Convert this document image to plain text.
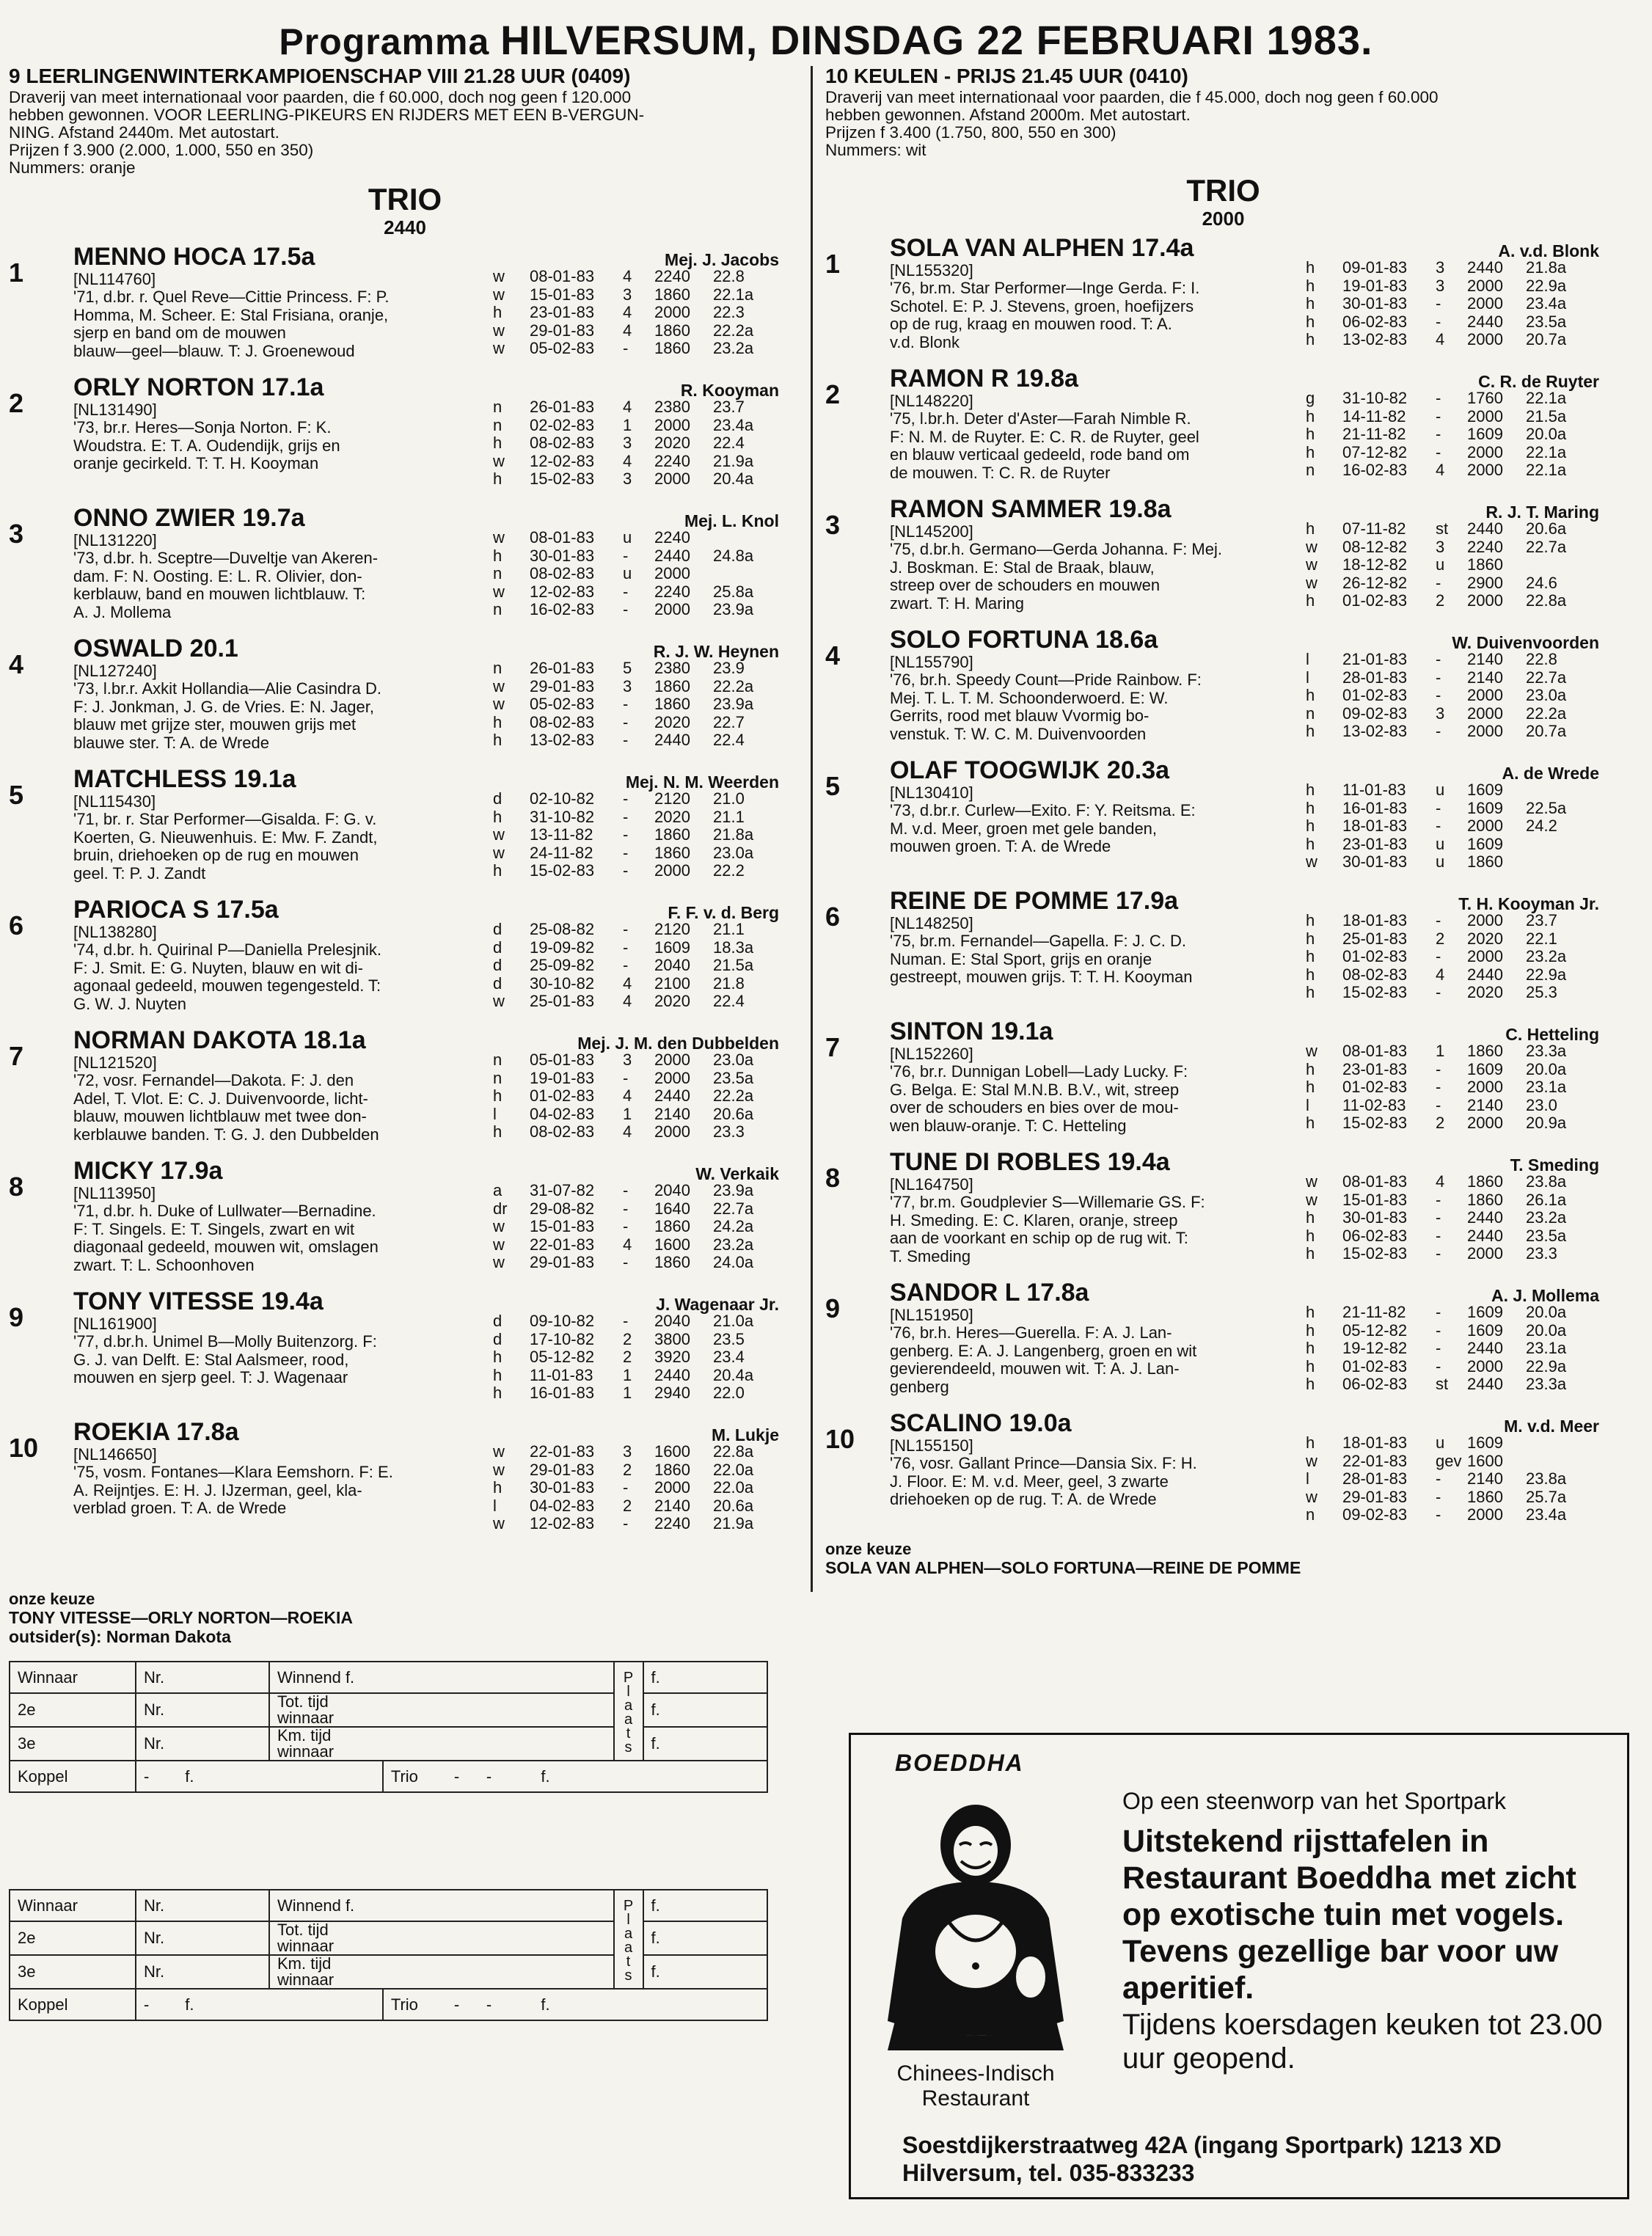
Programma HILVERSUM, DINSDAG 22 FEBRUARI 1983.
9 LEERLINGENWINTERKAMPIOENSCHAP VIII 21.28 UUR (0409)
Draverij van meet internationaal voor paarden, die f 60.000, doch nog geen f 120.000
hebben gewonnen. VOOR LEERLING-PIKEURS EN RIJDERS MET EEN B-VERGUN-
NING. Afstand 2440m. Met autostart.
Prijzen f 3.900 (2.000, 1.000, 550 en 350)
Nummers: oranje
TRIO
2440
1
MENNO HOCA 17.5a
[NL114760]
'71, d.br. r. Quel Reve—Cittie Princess. F: P.
Homma, M. Scheer. E: Stal Frisiana, oranje,
sjerp en band om de mouwen
blauw—geel—blauw. T: J. Groenewoud
Mej. J. Jacobs
w 08-01-83 4 2240 22.8
w 15-01-83 3 1860 22.1a
h 23-01-83 4 2000 22.3
w 29-01-83 4 1860 22.2a
w 05-02-83 - 1860 23.2a
2
ORLY NORTON 17.1a
[NL131490]
'73, br.r. Heres—Sonja Norton. F: K.
Woudstra. E: T. A. Oudendijk, grijs en
oranje gecirkeld. T: T. H. Kooyman
R. Kooyman
n 26-01-83 4 2380 23.7
n 02-02-83 1 2000 23.4a
h 08-02-83 3 2020 22.4
w 12-02-83 4 2240 21.9a
h 15-02-83 3 2000 20.4a
3
ONNO ZWIER 19.7a
[NL131220]
'73, d.br. h. Sceptre—Duveltje van Akeren-
dam. F: N. Oosting. E: L. R. Olivier, don-
kerblauw, band en mouwen lichtblauw. T:
A. J. Mollema
Mej. L. Knol
w 08-01-83 u 2240
h 30-01-83 - 2440 24.8a
n 08-02-83 u 2000
w 12-02-83 - 2240 25.8a
n 16-02-83 - 2000 23.9a
4
OSWALD 20.1
[NL127240]
'73, l.br.r. Axkit Hollandia—Alie Casindra D.
F: J. Jonkman, J. G. de Vries. E: N. Jager,
blauw met grijze ster, mouwen grijs met
blauwe ster. T: A. de Wrede
R. J. W. Heynen
n 26-01-83 5 2380 23.9
w 29-01-83 3 1860 22.2a
w 05-02-83 - 1860 23.9a
h 08-02-83 - 2020 22.7
h 13-02-83 - 2440 22.4
5
MATCHLESS 19.1a
[NL115430]
'71, br. r. Star Performer—Gisalda. F: G. v.
Koerten, G. Nieuwenhuis. E: Mw. F. Zandt,
bruin, driehoeken op de rug en mouwen
geel. T: P. J. Zandt
Mej. N. M. Weerden
d 02-10-82 - 2120 21.0
h 31-10-82 - 2020 21.1
w 13-11-82 - 1860 21.8a
w 24-11-82 - 1860 23.0a
h 15-02-83 - 2000 22.2
6
PARIOCA S 17.5a
[NL138280]
'74, d.br. h. Quirinal P—Daniella Prelesjnik.
F: J. Smit. E: G. Nuyten, blauw en wit di-
agonaal gedeeld, mouwen tegengesteld. T:
G. W. J. Nuyten
F. F. v. d. Berg
d 25-08-82 - 2120 21.1
d 19-09-82 - 1609 18.3a
d 25-09-82 - 2040 21.5a
d 30-10-82 4 2100 21.8
w 25-01-83 4 2020 22.4
7
NORMAN DAKOTA 18.1a
[NL121520]
'72, vosr. Fernandel—Dakota. F: J. den
Adel, T. Vlot. E: C. J. Duivenvoorde, licht-
blauw, mouwen lichtblauw met twee don-
kerblauwe banden. T: G. J. den Dubbelden
Mej. J. M. den Dubbelden
n 05-01-83 3 2000 23.0a
n 19-01-83 - 2000 23.5a
h 01-02-83 4 2440 22.2a
l 04-02-83 1 2140 20.6a
h 08-02-83 4 2000 23.3
8
MICKY 17.9a
[NL113950]
'71, d.br. h. Duke of Lullwater—Bernadine.
F: T. Singels. E: T. Singels, zwart en wit
diagonaal gedeeld, mouwen wit, omslagen
zwart. T: L. Schoonhoven
W. Verkaik
a 31-07-82 - 2040 23.9a
dr 29-08-82 - 1640 22.7a
w 15-01-83 - 1860 24.2a
w 22-01-83 4 1600 23.2a
w 29-01-83 - 1860 24.0a
9
TONY VITESSE 19.4a
[NL161900]
'77, d.br.h. Unimel B—Molly Buitenzorg. F:
G. J. van Delft. E: Stal Aalsmeer, rood,
mouwen en sjerp geel. T: J. Wagenaar
J. Wagenaar Jr.
d 09-10-82 - 2040 21.0a
d 17-10-82 2 3800 23.5
h 05-12-82 2 3920 23.4
h 11-01-83 1 2440 20.4a
h 16-01-83 1 2940 22.0
10
ROEKIA 17.8a
[NL146650]
'75, vosm. Fontanes—Klara Eemshorn. F: E.
A. Reijntjes. E: H. J. IJzerman, geel, kla-
verblad groen. T: A. de Wrede
M. Lukje
w 22-01-83 3 1600 22.8a
w 29-01-83 2 1860 22.0a
h 30-01-83 - 2000 22.0a
l 04-02-83 2 2140 20.6a
w 12-02-83 - 2240 21.9a
onze keuze
TONY VITESSE—ORLY NORTON—ROEKIA
outsider(s): Norman Dakota
10 KEULEN - PRIJS 21.45 UUR (0410)
Draverij van meet internationaal voor paarden, die f 45.000, doch nog geen f 60.000
hebben gewonnen. Afstand 2000m. Met autostart.
Prijzen f 3.400 (1.750, 800, 550 en 300)
Nummers: wit
TRIO
2000
1
SOLA VAN ALPHEN 17.4a
[NL155320]
'76, br.m. Star Performer—Inge Gerda. F: I.
Schotel. E: P. J. Stevens, groen, hoefijzers
op de rug, kraag en mouwen rood. T: A.
v.d. Blonk
A. v.d. Blonk
h 09-01-83 3 2440 21.8a
h 19-01-83 3 2000 22.9a
h 30-01-83 - 2000 23.4a
h 06-02-83 - 2440 23.5a
h 13-02-83 4 2000 20.7a
2
RAMON R 19.8a
[NL148220]
'75, l.br.h. Deter d'Aster—Farah Nimble R.
F: N. M. de Ruyter. E: C. R. de Ruyter, geel
en blauw verticaal gedeeld, rode band om
de mouwen. T: C. R. de Ruyter
C. R. de Ruyter
g 31-10-82 - 1760 22.1a
h 14-11-82 - 2000 21.5a
h 21-11-82 - 1609 20.0a
h 07-12-82 - 2000 22.1a
n 16-02-83 4 2000 22.1a
3
RAMON SAMMER 19.8a
[NL145200]
'75, d.br.h. Germano—Gerda Johanna. F: Mej.
J. Boskman. E: Stal de Braak, blauw,
streep over de schouders en mouwen
zwart. T: H. Maring
R. J. T. Maring
h 07-11-82 st 2440 20.6a
w 08-12-82 3 2240 22.7a
w 18-12-82 u 1860
w 26-12-82 - 2900 24.6
h 01-02-83 2 2000 22.8a
4
SOLO FORTUNA 18.6a
[NL155790]
'76, br.h. Speedy Count—Pride Rainbow. F:
Mej. T. L. T. M. Schoonderwoerd. E: W.
Gerrits, rood met blauw Vvormig bo-
venstuk. T: W. C. M. Duivenvoorden
W. Duivenvoorden
l 21-01-83 - 2140 22.8
l 28-01-83 - 2140 22.7a
h 01-02-83 - 2000 23.0a
n 09-02-83 3 2000 22.2a
h 13-02-83 - 2000 20.7a
5
OLAF TOOGWIJK 20.3a
[NL130410]
'73, d.br.r. Curlew—Exito. F: Y. Reitsma. E:
M. v.d. Meer, groen met gele banden,
mouwen groen. T: A. de Wrede
A. de Wrede
h 11-01-83 u 1609
h 16-01-83 - 1609 22.5a
h 18-01-83 - 2000 24.2
h 23-01-83 u 1609
w 30-01-83 u 1860
6
REINE DE POMME 17.9a
[NL148250]
'75, br.m. Fernandel—Gapella. F: J. C. D.
Numan. E: Stal Sport, grijs en oranje
gestreept, mouwen grijs. T: T. H. Kooyman
T. H. Kooyman Jr.
h 18-01-83 - 2000 23.7
h 25-01-83 2 2020 22.1
h 01-02-83 - 2000 23.2a
h 08-02-83 4 2440 22.9a
h 15-02-83 - 2020 25.3
7
SINTON 19.1a
[NL152260]
'76, br.r. Dunnigan Lobell—Lady Lucky. F:
G. Belga. E: Stal M.N.B. B.V., wit, streep
over de schouders en bies over de mou-
wen blauw-oranje. T: C. Hetteling
C. Hetteling
w 08-01-83 1 1860 23.3a
h 23-01-83 - 1609 20.0a
h 01-02-83 - 2000 23.1a
l 11-02-83 - 2140 23.0
h 15-02-83 2 2000 20.9a
8
TUNE DI ROBLES 19.4a
[NL164750]
'77, br.m. Goudplevier S—Willemarie GS. F:
H. Smeding. E: C. Klaren, oranje, streep
aan de voorkant en schip op de rug wit. T:
T. Smeding
T. Smeding
w 08-01-83 4 1860 23.8a
w 15-01-83 - 1860 26.1a
h 30-01-83 - 2440 23.2a
h 06-02-83 - 2440 23.5a
h 15-02-83 - 2000 23.3
9
SANDOR L 17.8a
[NL151950]
'76, br.h. Heres—Guerella. F: A. J. Lan-
genberg. E: A. J. Langenberg, groen en wit
gevierendeeld, mouwen wit. T: A. J. Lan-
genberg
A. J. Mollema
h 21-11-82 - 1609 20.0a
h 05-12-82 - 1609 20.0a
h 19-12-82 - 2440 23.1a
h 01-02-83 - 2000 22.9a
h 06-02-83 st 2440 23.3a
10
SCALINO 19.0a
[NL155150]
'76, vosr. Gallant Prince—Dansia Six. F: H.
J. Floor. E: M. v.d. Meer, geel, 3 zwarte
driehoeken op de rug. T: A. de Wrede
M. v.d. Meer
h 18-01-83 u 1609
w 22-01-83 gev 1600
l 28-01-83 - 2140 23.8a
w 29-01-83 - 1860 25.7a
n 09-02-83 - 2000 23.4a
onze keuze
SOLA VAN ALPHEN—SOLO FORTUNA—REINE DE POMME
Winnaar	Nr.	Winnend f.		Plaats	f.
2e	Nr.	Tot. tijd
winnaar			f.
3e	Nr.	Km. tijd
winnaar			f.
Koppel	- f.		Trio - - f.		
Winnaar	Nr.	Winnend f.		Plaats	f.
2e	Nr.	Tot. tijd
winnaar			f.
3e	Nr.	Km. tijd
winnaar			f.
Koppel	- f.		Trio - - f.		
BOEDDHA
Chinees-Indisch
Restaurant
Op een steenworp van het Sportpark
Uitstekend rijsttafelen in Restaurant Boeddha met zicht op exotische tuin met vogels. Tevens gezellige bar voor uw aperitief.
Tijdens koersdagen keuken tot 23.00 uur geopend.
Soestdijkerstraatweg 42A (ingang Sportpark) 1213 XD
Hilversum, tel. 035-833233
